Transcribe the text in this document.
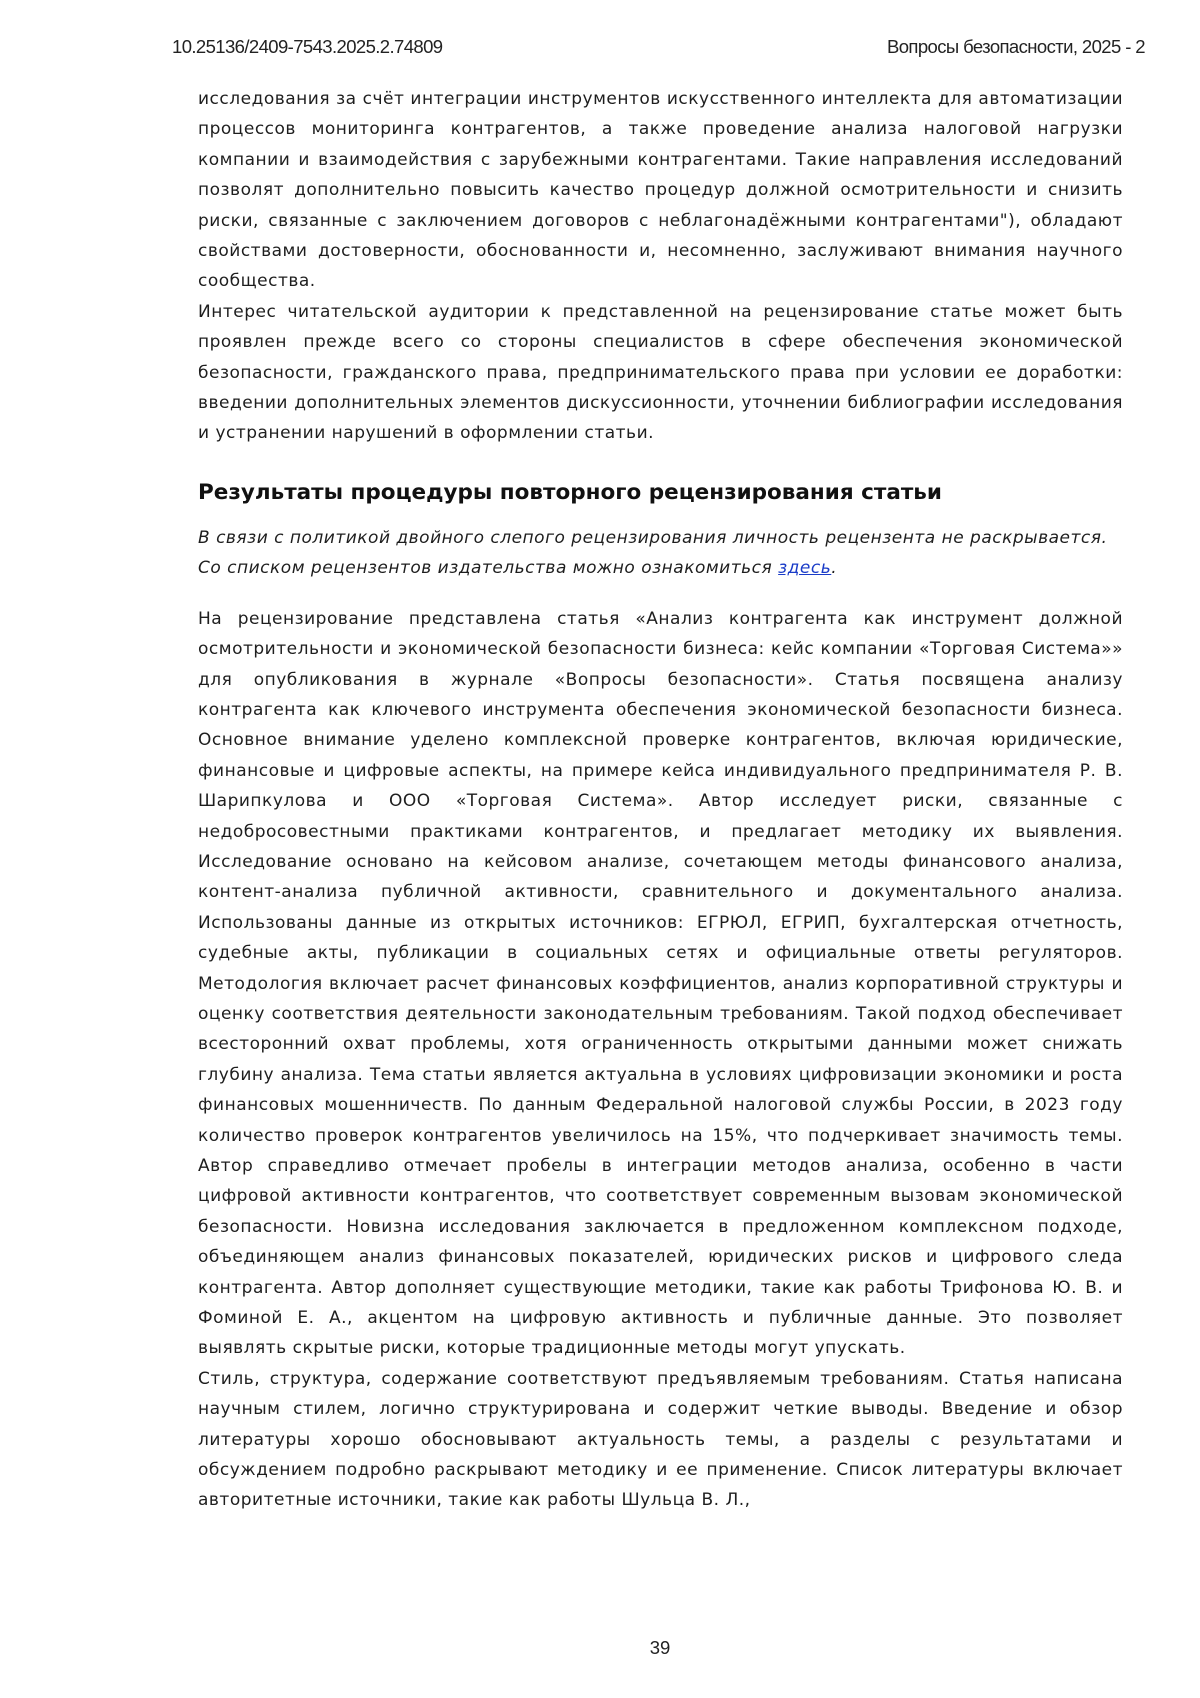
10.25136/2409-7543.2025.2.74809	Вопросы безопасности, 2025 - 2

исследования за счёт интеграции инструментов искусственного интеллекта для автоматизации процессов мониторинга контрагентов, а также проведение анализа налоговой нагрузки компании и взаимодействия с зарубежными контрагентами. Такие направления исследований позволят дополнительно повысить качество процедур должной осмотрительности и снизить риски, связанные с заключением договоров с неблагонадёжными контрагентами"), обладают свойствами достоверности, обоснованности и, несомненно, заслуживают внимания научного сообщества.

Интерес читательской аудитории к представленной на рецензирование статье может быть проявлен прежде всего со стороны специалистов в сфере обеспечения экономической безопасности, гражданского права, предпринимательского права при условии ее доработки: введении дополнительных элементов дискуссионности, уточнении библиографии исследования и устранении нарушений в оформлении статьи.

Результаты процедуры повторного рецензирования статьи

В связи с политикой двойного слепого рецензирования личность рецензента не раскрывается.

Со списком рецензентов издательства можно ознакомиться здесь.

На рецензирование представлена статья «Анализ контрагента как инструмент должной осмотрительности и экономической безопасности бизнеса: кейс компании «Торговая Система»» для опубликования в журнале «Вопросы безопасности». Статья посвящена анализу контрагента как ключевого инструмента обеспечения экономической безопасности бизнеса. Основное внимание уделено комплексной проверке контрагентов, включая юридические, финансовые и цифровые аспекты, на примере кейса индивидуального предпринимателя Р. В. Шарипкулова и ООО «Торговая Система». Автор исследует риски, связанные с недобросовестными практиками контрагентов, и предлагает методику их выявления. Исследование основано на кейсовом анализе, сочетающем методы финансового анализа, контент-анализа публичной активности, сравнительного и документального анализа. Использованы данные из открытых источников: ЕГРЮЛ, ЕГРИП, бухгалтерская отчетность, судебные акты, публикации в социальных сетях и официальные ответы регуляторов. Методология включает расчет финансовых коэффициентов, анализ корпоративной структуры и оценку соответствия деятельности законодательным требованиям. Такой подход обеспечивает всесторонний охват проблемы, хотя ограниченность открытыми данными может снижать глубину анализа. Тема статьи является актуальна в условиях цифровизации экономики и роста финансовых мошенничеств. По данным Федеральной налоговой службы России, в 2023 году количество проверок контрагентов увеличилось на 15%, что подчеркивает значимость темы. Автор справедливо отмечает пробелы в интеграции методов анализа, особенно в части цифровой активности контрагентов, что соответствует современным вызовам экономической безопасности. Новизна исследования заключается в предложенном комплексном подходе, объединяющем анализ финансовых показателей, юридических рисков и цифрового следа контрагента. Автор дополняет существующие методики, такие как работы Трифонова Ю. В. и Фоминой Е. А., акцентом на цифровую активность и публичные данные. Это позволяет выявлять скрытые риски, которые традиционные методы могут упускать.

Стиль, структура, содержание соответствуют предъявляемым требованиям. Статья написана научным стилем, логично структурирована и содержит четкие выводы. Введение и обзор литературы хорошо обосновывают актуальность темы, а разделы с результатами и обсуждением подробно раскрывают методику и ее применение. Список литературы включает авторитетные источники, такие как работы Шульца В. Л.,

39
